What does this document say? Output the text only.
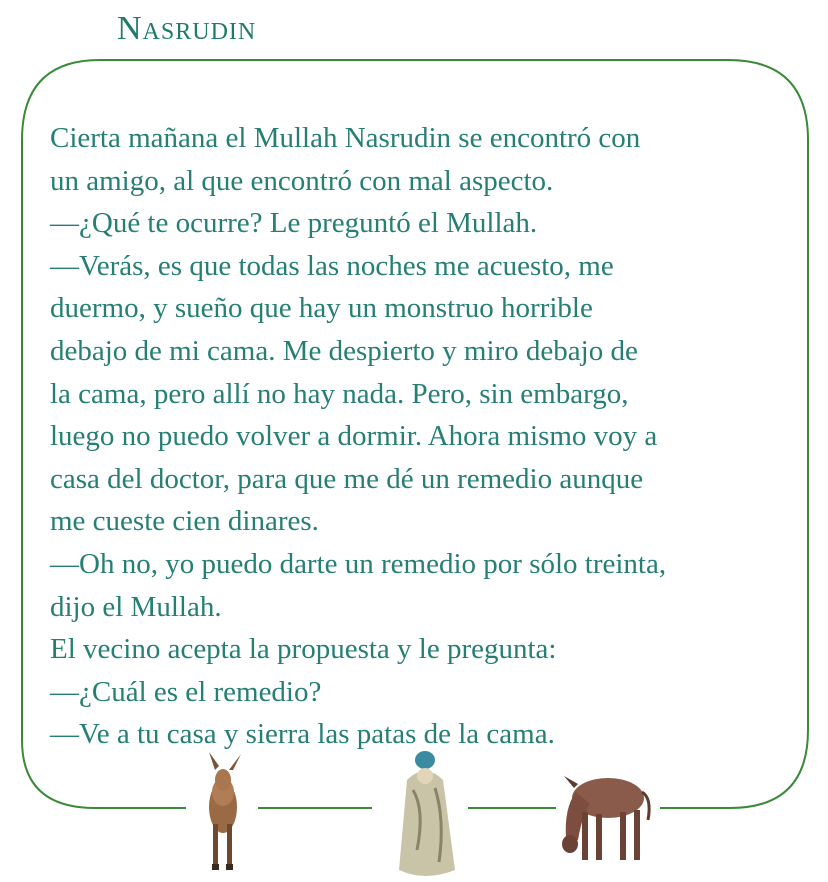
Nasrudin
Cierta mañana el Mullah Nasrudin se encontró con
un amigo, al que encontró con mal aspecto.
—¿Qué te ocurre? Le preguntó el Mullah.
—Verás, es que todas las noches me acuesto, me
duermo, y sueño que hay un monstruo horrible
debajo de mi cama. Me despierto y miro debajo de
la cama, pero allí no hay nada. Pero, sin embargo,
luego no puedo volver a dormir. Ahora mismo voy a
casa del doctor, para que me dé un remedio aunque
me cueste cien dinares.
—Oh no, yo puedo darte un remedio por sólo treinta,
dijo el Mullah.
El vecino acepta la propuesta y le pregunta:
—¿Cuál es el remedio?
—Ve a tu casa y sierra las patas de la cama.
